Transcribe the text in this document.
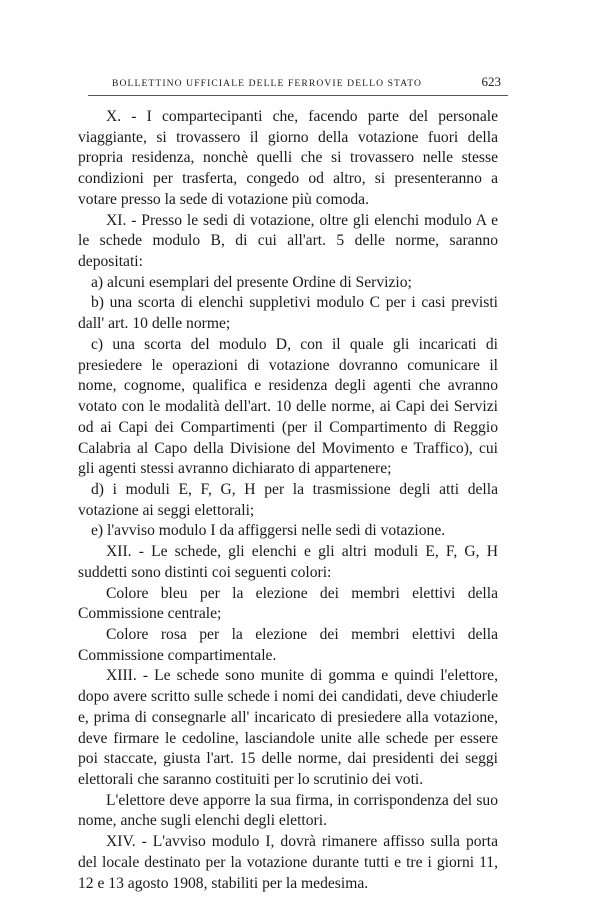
BOLLETTINO UFFICIALE DELLE FERROVIE DELLO STATO	623

X. - I compartecipanti che, facendo parte del personale viaggiante, si trovassero il giorno della votazione fuori della propria residenza, nonchè quelli che si trovassero nelle stesse condizioni per trasferta, congedo od altro, si presenteranno a votare presso la sede di votazione più comoda.

XI. - Presso le sedi di votazione, oltre gli elenchi modulo A e le schede modulo B, di cui all'art. 5 delle norme, saranno depositati:

a) alcuni esemplari del presente Ordine di Servizio;

b) una scorta di elenchi suppletivi modulo C per i casi previsti dall' art. 10 delle norme;

c) una scorta del modulo D, con il quale gli incaricati di presiedere le operazioni di votazione dovranno comunicare il nome, cognome, qualifica e residenza degli agenti che avranno votato con le modalità dell'art. 10 delle norme, ai Capi dei Servizi od ai Capi dei Compartimenti (per il Compartimento di Reggio Calabria al Capo della Divisione del Movimento e Traffico), cui gli agenti stessi avranno dichiarato di appartenere;

d) i moduli E, F, G, H per la trasmissione degli atti della votazione ai seggi elettorali;

e) l'avviso modulo I da affiggersi nelle sedi di votazione.

XII. - Le schede, gli elenchi e gli altri moduli E, F, G, H suddetti sono distinti coi seguenti colori:

Colore bleu per la elezione dei membri elettivi della Commissione centrale;

Colore rosa per la elezione dei membri elettivi della Commissione compartimentale.

XIII. - Le schede sono munite di gomma e quindi l'elettore, dopo avere scritto sulle schede i nomi dei candidati, deve chiuderle e, prima di consegnarle all' incaricato di presiedere alla votazione, deve firmare le cedoline, lasciandole unite alle schede per essere poi staccate, giusta l'art. 15 delle norme, dai presidenti dei seggi elettorali che saranno costituiti per lo scrutinio dei voti.

L'elettore deve apporre la sua firma, in corrispondenza del suo nome, anche sugli elenchi degli elettori.

XIV. - L'avviso modulo I, dovrà rimanere affisso sulla porta del locale destinato per la votazione durante tutti e tre i giorni 11, 12 e 13 agosto 1908, stabiliti per la medesima.
